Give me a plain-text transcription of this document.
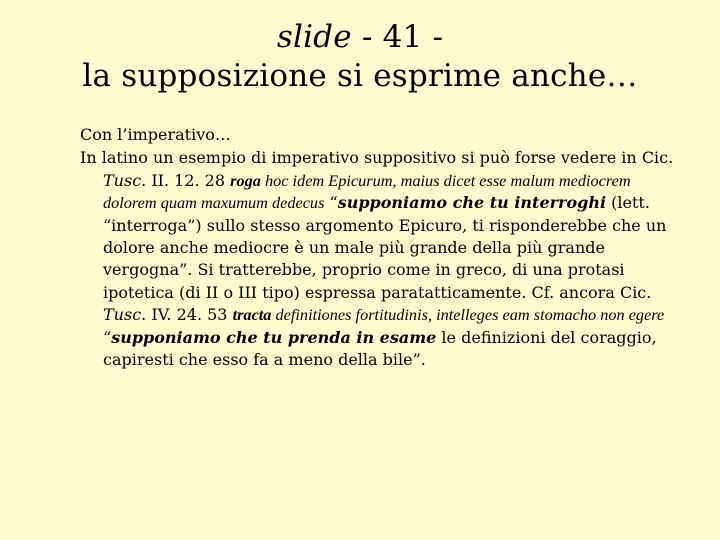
slide - 41 -
la supposizione si esprime anche…

Con l’imperativo…

In latino un esempio di imperativo suppositivo si può forse vedere in Cic. Tusc. II. 12. 28 roga hoc idem Epicurum, maius dicet esse malum mediocrem dolorem quam maxumum dedecus “supponiamo che tu interroghi (lett. “interroga”) sullo stesso argomento Epicuro, ti risponderebbe che un dolore anche mediocre è un male più grande della più grande vergogna”. Si tratterebbe, proprio come in greco, di una protasi ipotetica (di II o III tipo) espressa paratatticamente. Cf. ancora Cic. Tusc. IV. 24. 53 tracta definitiones fortitudinis, intelleges eam stomacho non egere “supponiamo che tu prenda in esame le definizioni del coraggio, capiresti che esso fa a meno della bile”.
